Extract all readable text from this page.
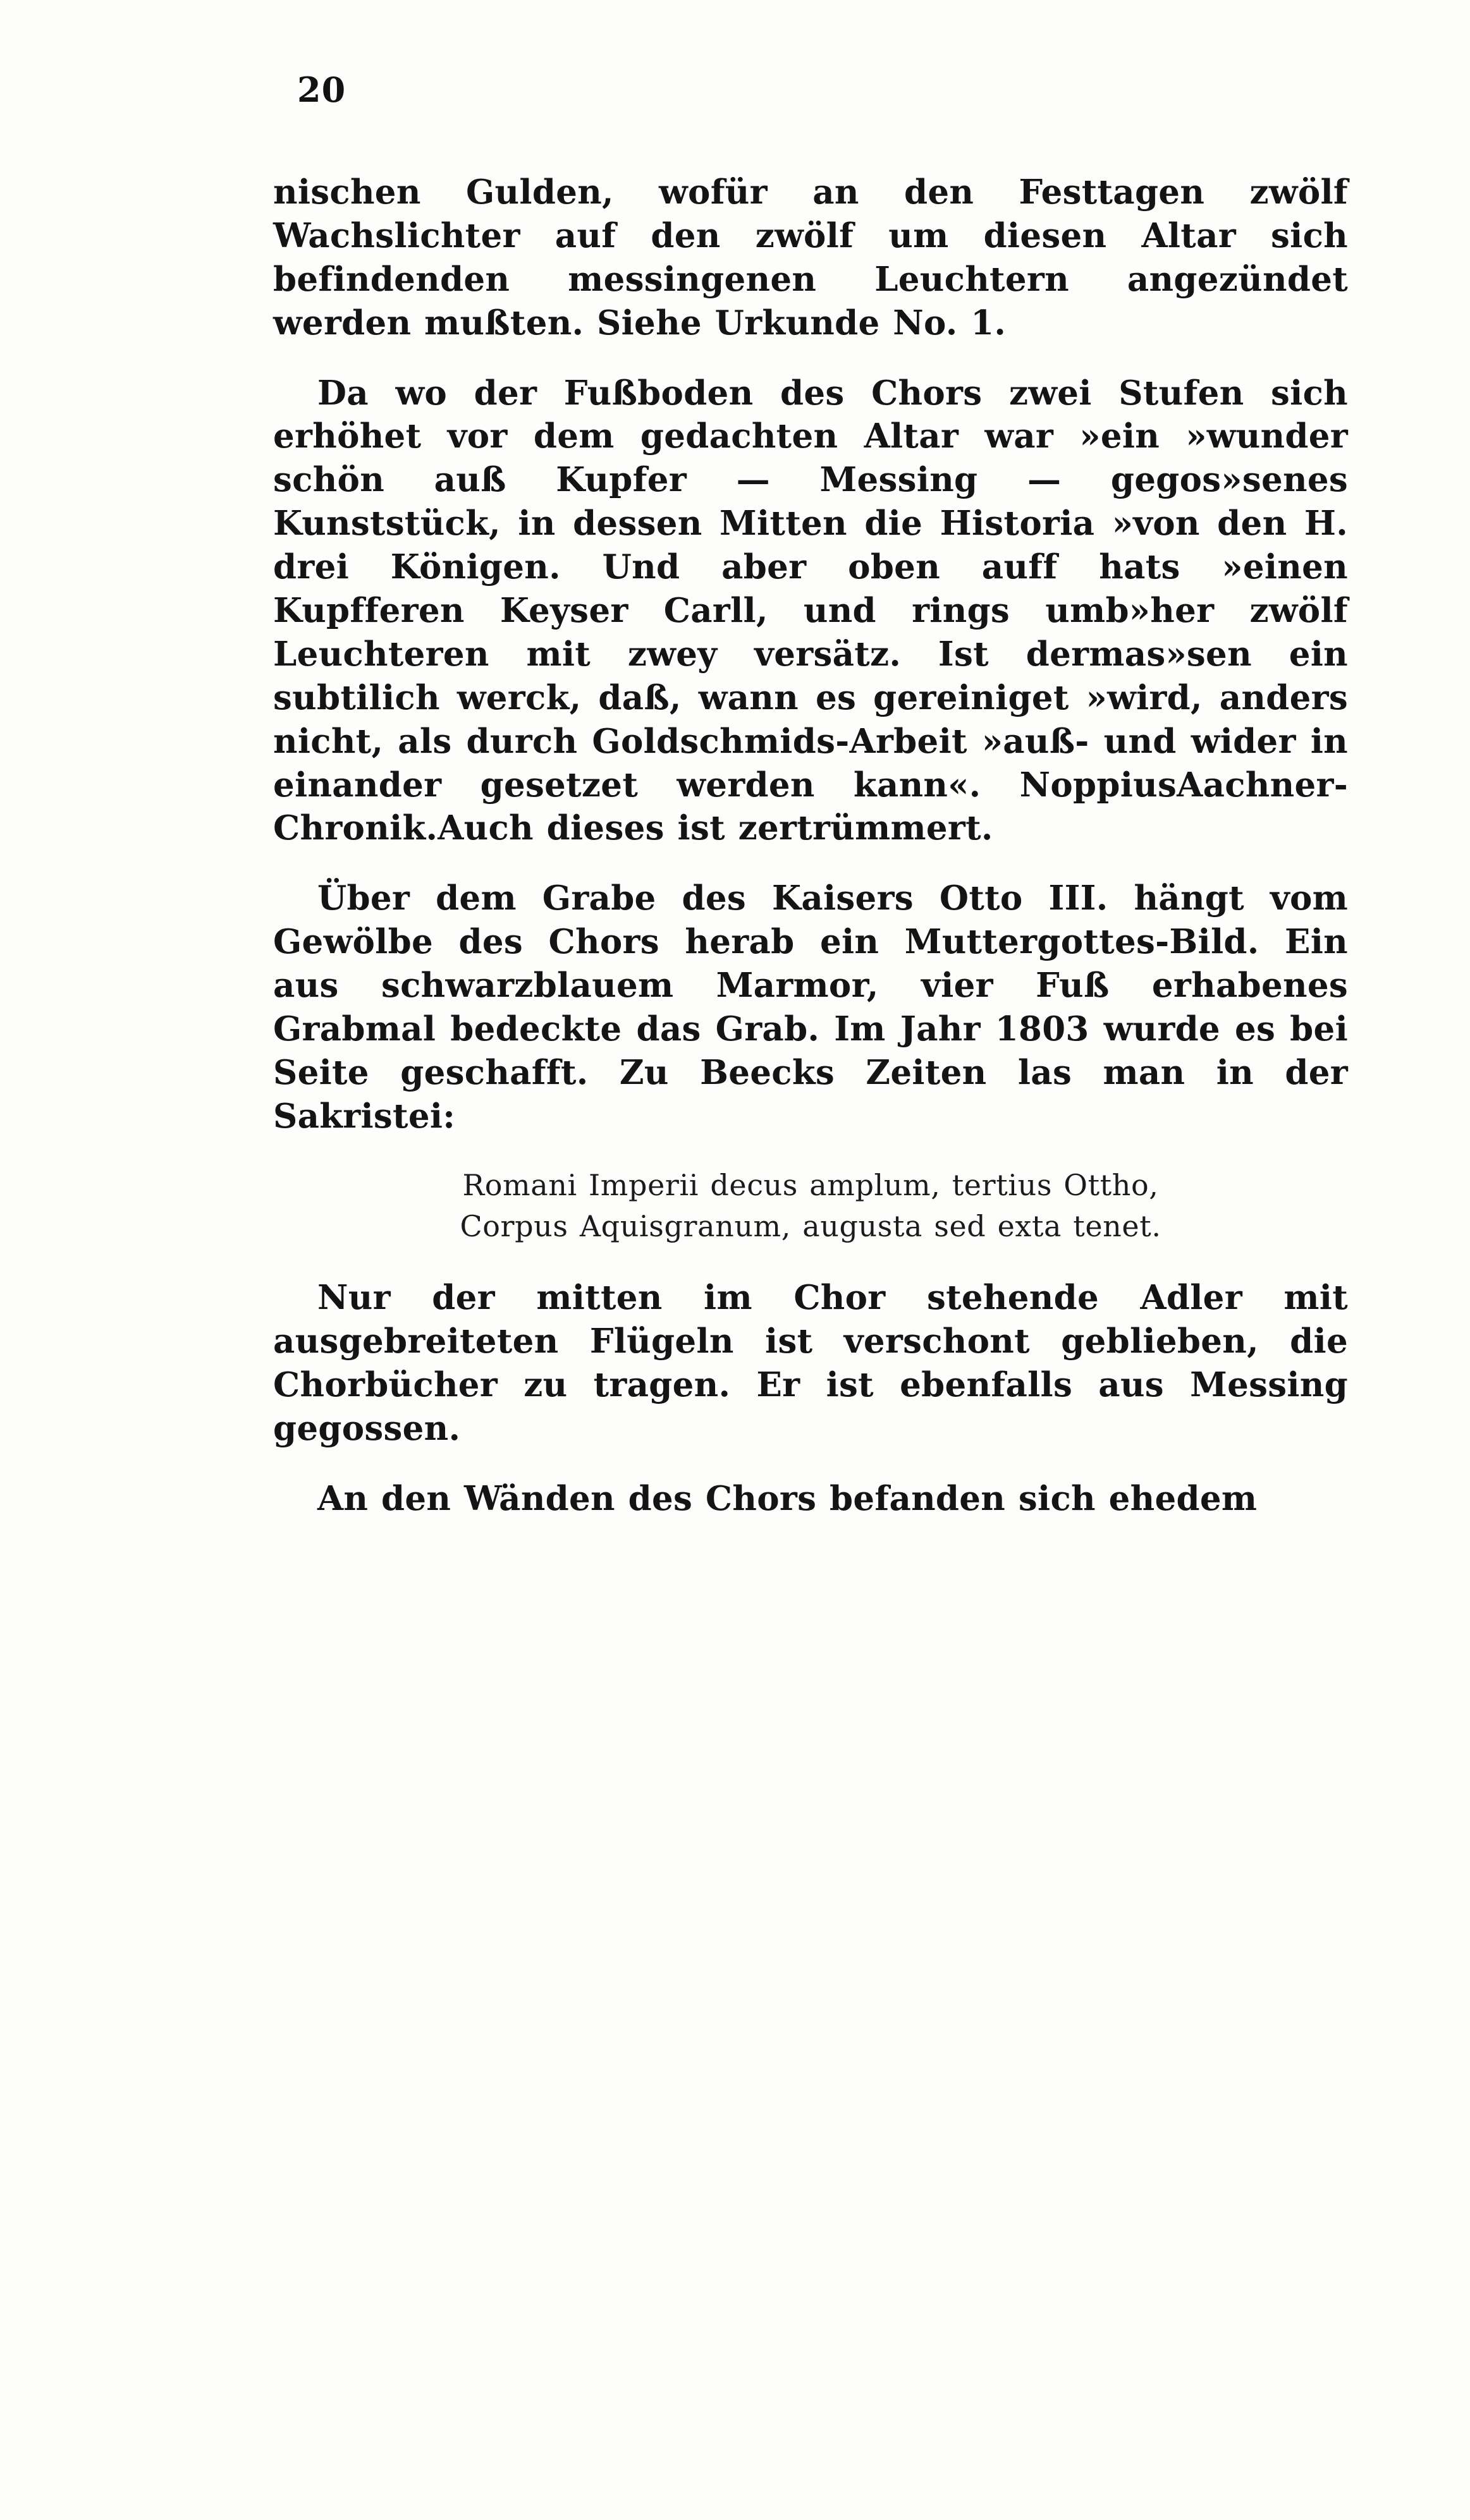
20

nischen Gulden, wofür an den Festtagen zwölf Wachslichter auf den zwölf um diesen Altar sich befindenden messingenen Leuchtern angezündet werden mußten. Siehe Urkunde No. 1.

Da wo der Fußboden des Chors zwei Stufen sich erhöhet vor dem gedachten Altar war »ein »wunder schön auß Kupfer — Messing — gegos»senes Kunststück, in dessen Mitten die Historia »von den H. drei Königen. Und aber oben auff hats »einen Kupfferen Keyser Carll, und rings umb»her zwölf Leuchteren mit zwey versätz. Ist dermas»sen ein subtilich werck, daß, wann es gereiniget »wird, anders nicht, als durch Goldschmids-Arbeit »auß- und wider in einander gesetzet werden kann«. NoppiusAachner-Chronik.Auch dieses ist zertrümmert.

Über dem Grabe des Kaisers Otto III. hängt vom Gewölbe des Chors herab ein Muttergottes-Bild. Ein aus schwarzblauem Marmor, vier Fuß erhabenes Grabmal bedeckte das Grab. Im Jahr 1803 wurde es bei Seite geschafft. Zu Beecks Zeiten las man in der Sakristei:

Romani Imperii decus amplum, tertius Ottho,
Corpus Aquisgranum, augusta sed exta tenet.

Nur der mitten im Chor stehende Adler mit ausgebreiteten Flügeln ist verschont geblieben, die Chorbücher zu tragen. Er ist ebenfalls aus Messing gegossen.

An den Wänden des Chors befanden sich ehedem
